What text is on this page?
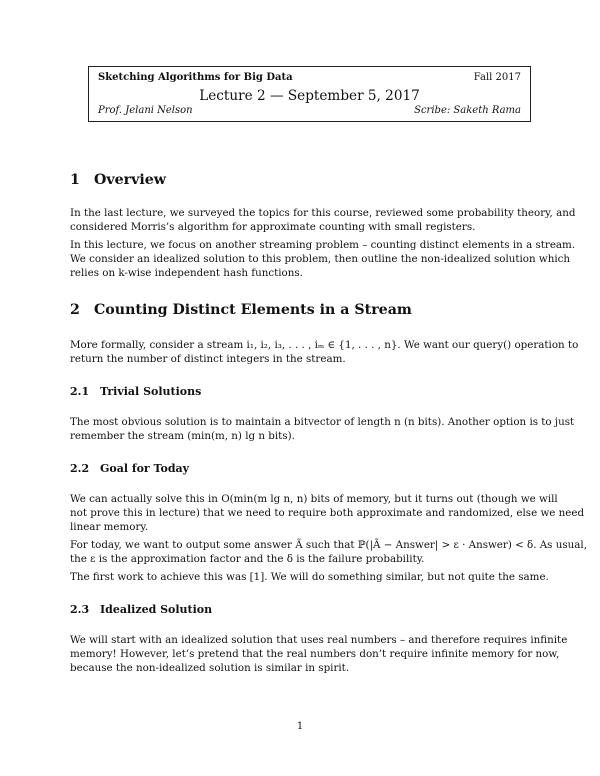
Sketching Algorithms for Big Data	Fall 2017
Lecture 2 — September 5, 2017
Prof. Jelani Nelson	Scribe: Saketh Rama
1 Overview
In the last lecture, we surveyed the topics for this course, reviewed some probability theory, and
considered Morris’s algorithm for approximate counting with small registers.
In this lecture, we focus on another streaming problem – counting distinct elements in a stream.
We consider an idealized solution to this problem, then outline the non-idealized solution which
relies on k-wise independent hash functions.
2 Counting Distinct Elements in a Stream
More formally, consider a stream i₁, i₂, i₃, . . . , iₘ ∈ {1, . . . , n}. We want our query() operation to
return the number of distinct integers in the stream.
2.1 Trivial Solutions
The most obvious solution is to maintain a bitvector of length n (n bits). Another option is to just
remember the stream (min(m, n) lg n bits).
2.2 Goal for Today
We can actually solve this in O(min(m lg n, n) bits of memory, but it turns out (though we will
not prove this in lecture) that we need to require both approximate and randomized, else we need
linear memory.
For today, we want to output some answer Ã such that ℙ(|Ã − Answer| > ε · Answer) < δ. As usual,
the ε is the approximation factor and the δ is the failure probability.
The first work to achieve this was [1]. We will do something similar, but not quite the same.
2.3 Idealized Solution
We will start with an idealized solution that uses real numbers – and therefore requires infinite
memory! However, let’s pretend that the real numbers don’t require infinite memory for now,
because the non-idealized solution is similar in spirit.
1
